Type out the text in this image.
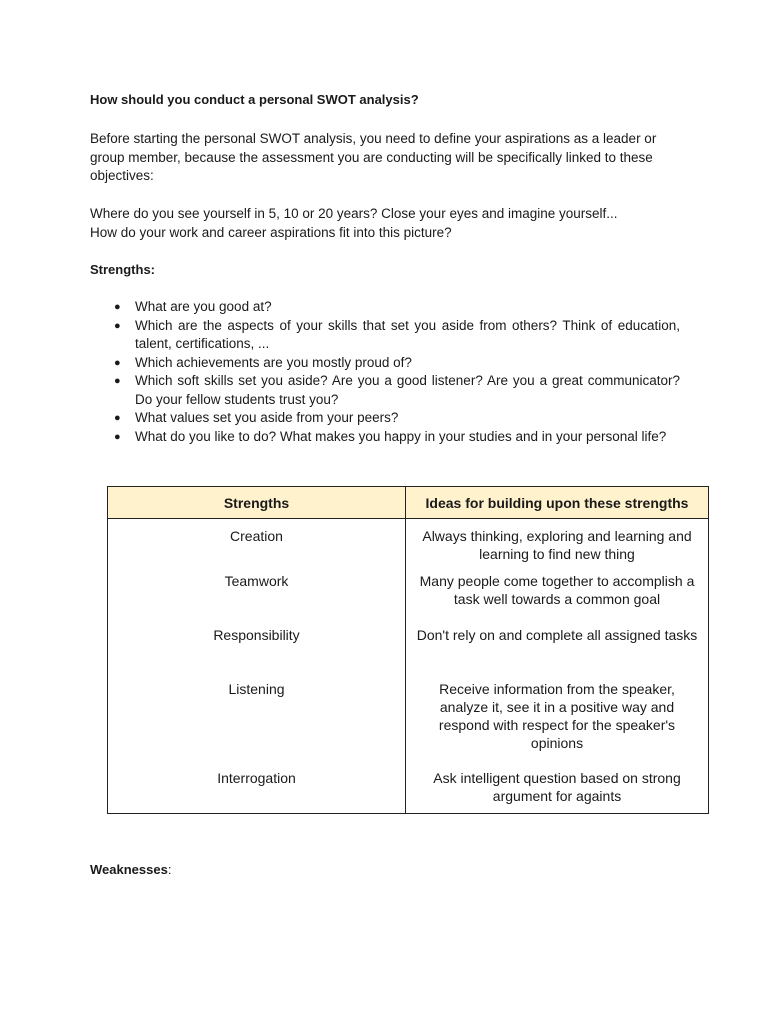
How should you conduct a personal SWOT analysis?
Before starting the personal SWOT analysis, you need to define your aspirations as a leader or group member, because the assessment you are conducting will be specifically linked to these objectives:
Where do you see yourself in 5, 10 or 20 years? Close your eyes and imagine yourself...
How do your work and career aspirations fit into this picture?
Strengths:
● What are you good at?
● Which are the aspects of your skills that set you aside from others? Think of education, talent, certifications, ...
● Which achievements are you mostly proud of?
● Which soft skills set you aside? Are you a good listener? Are you a great communicator? Do your fellow students trust you?
● What values set you aside from your peers?
● What do you like to do? What makes you happy in your studies and in your personal life?
Strengths	Ideas for building upon these strengths
Creation	Always thinking, exploring and learning and learning to find new thing
Teamwork	Many people come together to accomplish a task well towards a common goal
Responsibility	Don't rely on and complete all assigned tasks
Listening	Receive information from the speaker, analyze it, see it in a positive way and respond with respect for the speaker's opinions
Interrogation	Ask intelligent question based on strong argument for againts
Weaknesses:
